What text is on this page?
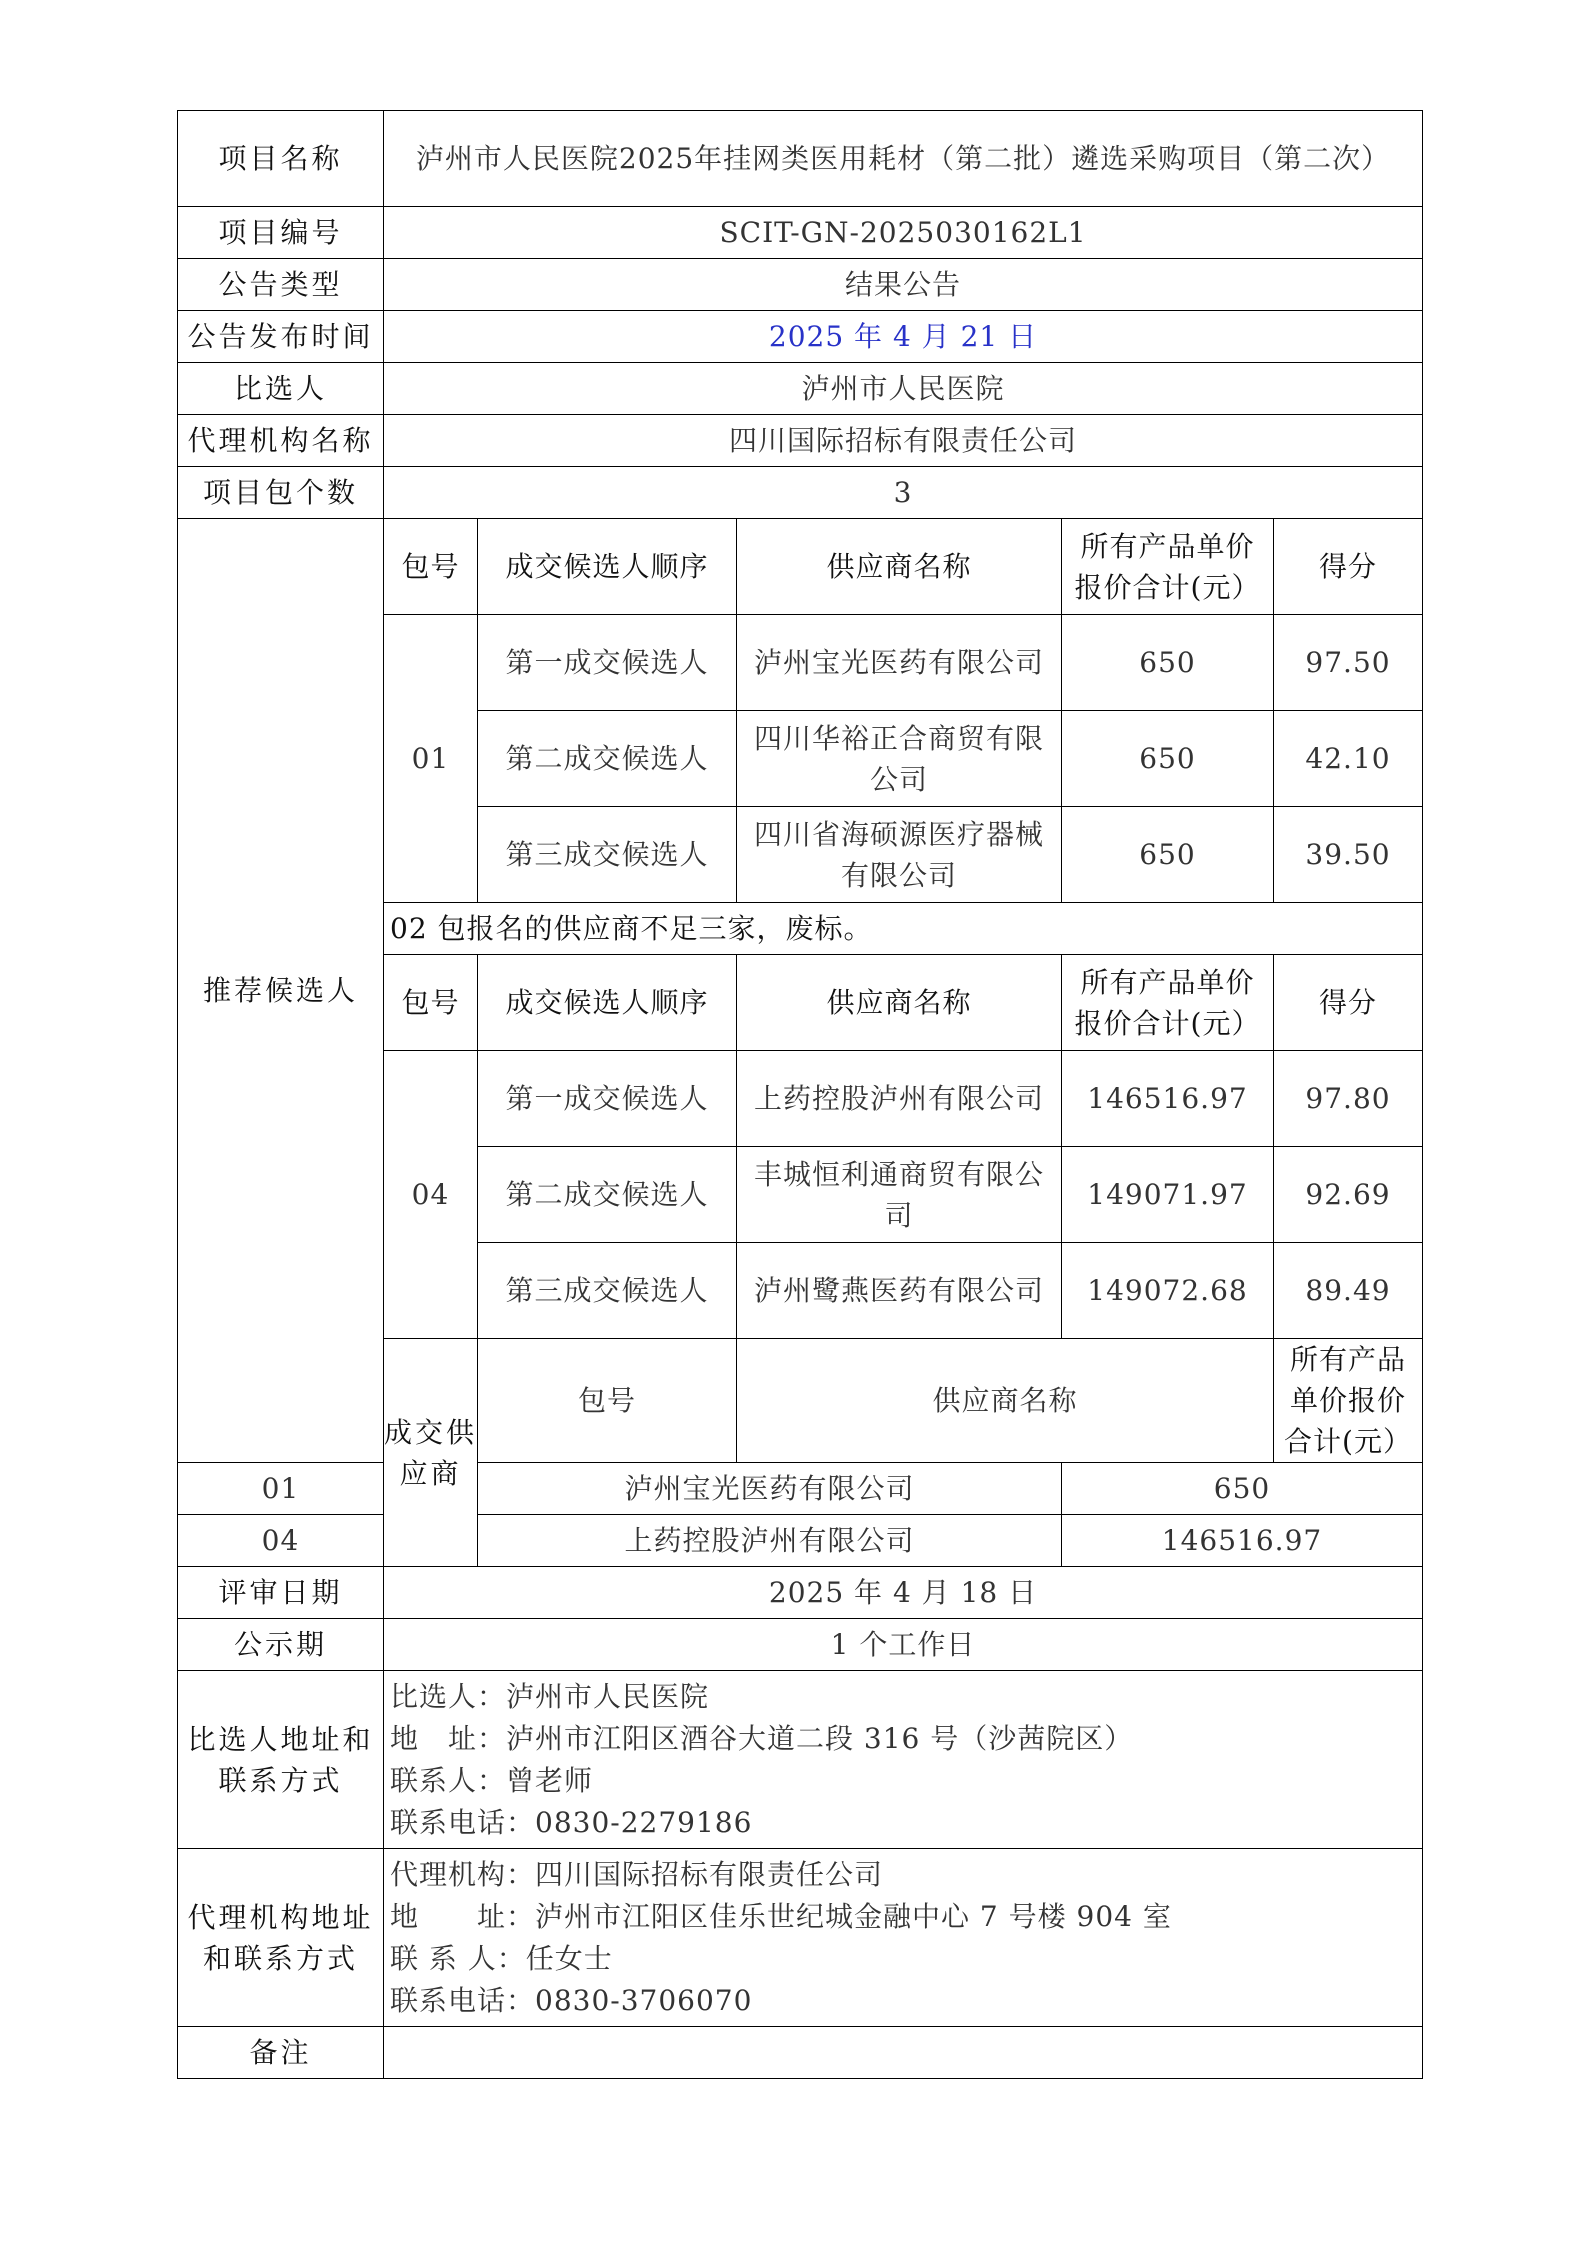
项目名称	泸州市人民医院2025年挂网类医用耗材（第二批）遴选采购项目（第二次）				
项目编号	SCIT-GN-2025030162L1				
公告类型	结果公告				
公告发布时间	2025 年 4 月 21 日				
比选人	泸州市人民医院				
代理机构名称	四川国际招标有限责任公司				
项目包个数	3				
推荐候选人	包号	成交候选人顺序	供应商名称	所有产品单价报价合计(元）	得分
	01	第一成交候选人	泸州宝光医药有限公司	650	97.50
		第二成交候选人	四川华裕正合商贸有限公司	650	42.10
		第三成交候选人	四川省海硕源医疗器械有限公司	650	39.50
	02 包报名的供应商不足三家，废标。				
	包号	成交候选人顺序	供应商名称	所有产品单价报价合计(元）	得分
	04	第一成交候选人	上药控股泸州有限公司	146516.97	97.80
		第二成交候选人	丰城恒利通商贸有限公司	149071.97	92.69
		第三成交候选人	泸州鹭燕医药有限公司	149072.68	89.49
	成交供应商	包号	供应商名称		所有产品单价报价合计(元）
01		泸州宝光医药有限公司		650	
04		上药控股泸州有限公司		146516.97	
评审日期	2025 年 4 月 18 日				
公示期	1 个工作日				
比选人地址和联系方式	比选人：泸州市人民医院
地　址：泸州市江阳区酒谷大道二段 316 号（沙茜院区）
联系人：曾老师
联系电话：0830-2279186				

代理机构地址和联系方式	代理机构：四川国际招标有限责任公司
地　　址：泸州市江阳区佳乐世纪城金融中心 7 号楼 904 室
联 系 人：任女士
联系电话：0830-3706070				

备注					
